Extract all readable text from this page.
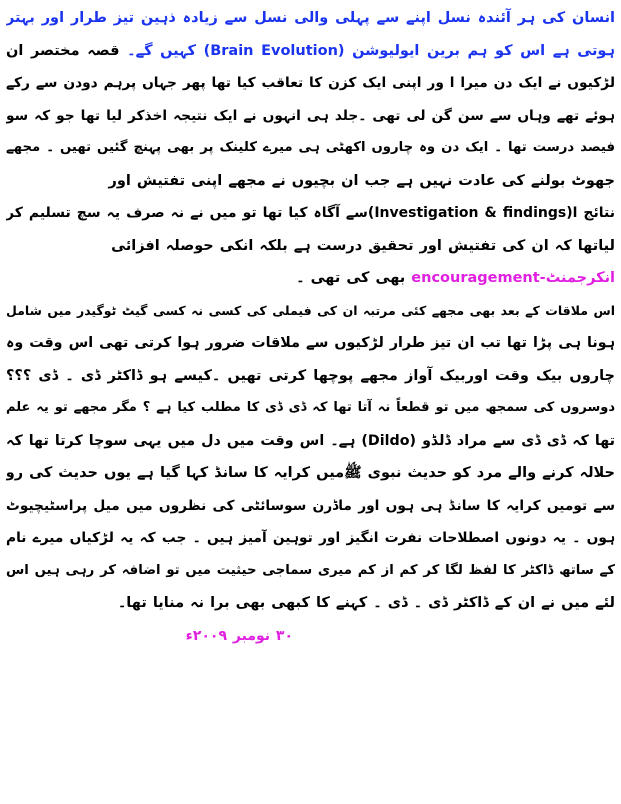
انسان کی ہر آئندہ نسل اپنے سے پہلی والی نسل سے زیادہ ذہین تیز طرار اور بہتر
ہوتی ہے اس کو ہم برین ایولیوشن (Brain Evolution) کہیں گے۔ قصہ مختصر ان
لڑکیوں نے ایک دن میرا ا ور اپنی ایک کزن کا تعاقب کیا تھا پھر جہاں پرہم دودن سے رکے
ہوئے تھے وہاں سے سن گن لی تھی ۔جلد ہی انہوں نے ایک نتیجہ اخذکر لیا تھا جو کہ سو
فیصد درست تھا ۔ ایک دن وہ چاروں اکھٹی ہی میرے کلینک پر بھی پہنچ گئیں تھیں ۔ مجھے
جھوٹ بولنے کی عادت نہیں ہے جب ان بچیوں نے مجھے اپنی تفتیش اور
نتائج ا(Investigation & findings)سے آگاہ کیا تھا تو میں نے نہ صرف یہ سچ تسلیم کر
لیاتھا کہ ان کی تفتیش اور تحقیق درست ہے بلکہ انکی حوصلہ افزائی
انکرجمنٹ-encouragement بھی کی تھی ۔
اس ملاقات کے بعد بھی مجھے کئی مرتبہ ان کی فیملی کی کسی نہ کسی گیٹ ٹوگیدر میں شامل
ہونا ہی پڑا تھا تب ان تیز طرار لڑکیوں سے ملاقات ضرور ہوا کرتی تھی اس وقت وہ
چاروں بیک وقت اوربیک آواز مجھے پوچھا کرتی تھیں ۔کیسے ہو ڈاکٹر ڈی ۔ ڈی ؟؟؟
دوسروں کی سمجھ میں تو قطعاً نہ آتا تھا کہ ڈی ڈی کا مطلب کیا ہے ؟ مگر مجھے تو یہ علم
تھا کہ ڈی ڈی سے مراد ڈلڈو (Dildo) ہے۔ اس وقت میں دل میں یہی سوچا کرتا تھا کہ
حلالہ کرنے والے مرد کو حدیث نبوی ﷺمیں کرایہ کا سانڈ کہا گیا ہے یوں حدیث کی رو
سے تومیں کرایہ کا سانڈ ہی ہوں اور ماڈرن سوسائٹی کی نظروں میں میل پراسٹیچیوٹ
ہوں ۔ یہ دونوں اصطلاحات نفرت انگیز اور توہین آمیز ہیں ۔ جب کہ یہ لڑکیاں میرے نام
کے ساتھ ڈاکٹر کا لفظ لگا کر کم از کم میری سماجی حیثیت میں تو اضافہ کر رہی ہیں اس
لئے میں نے ان کے ڈاکٹر ڈی ۔ ڈی ۔ کہنے کا کبھی بھی برا نہ منایا تھا۔
۳۰ نومبر ۲۰۰۹ء
